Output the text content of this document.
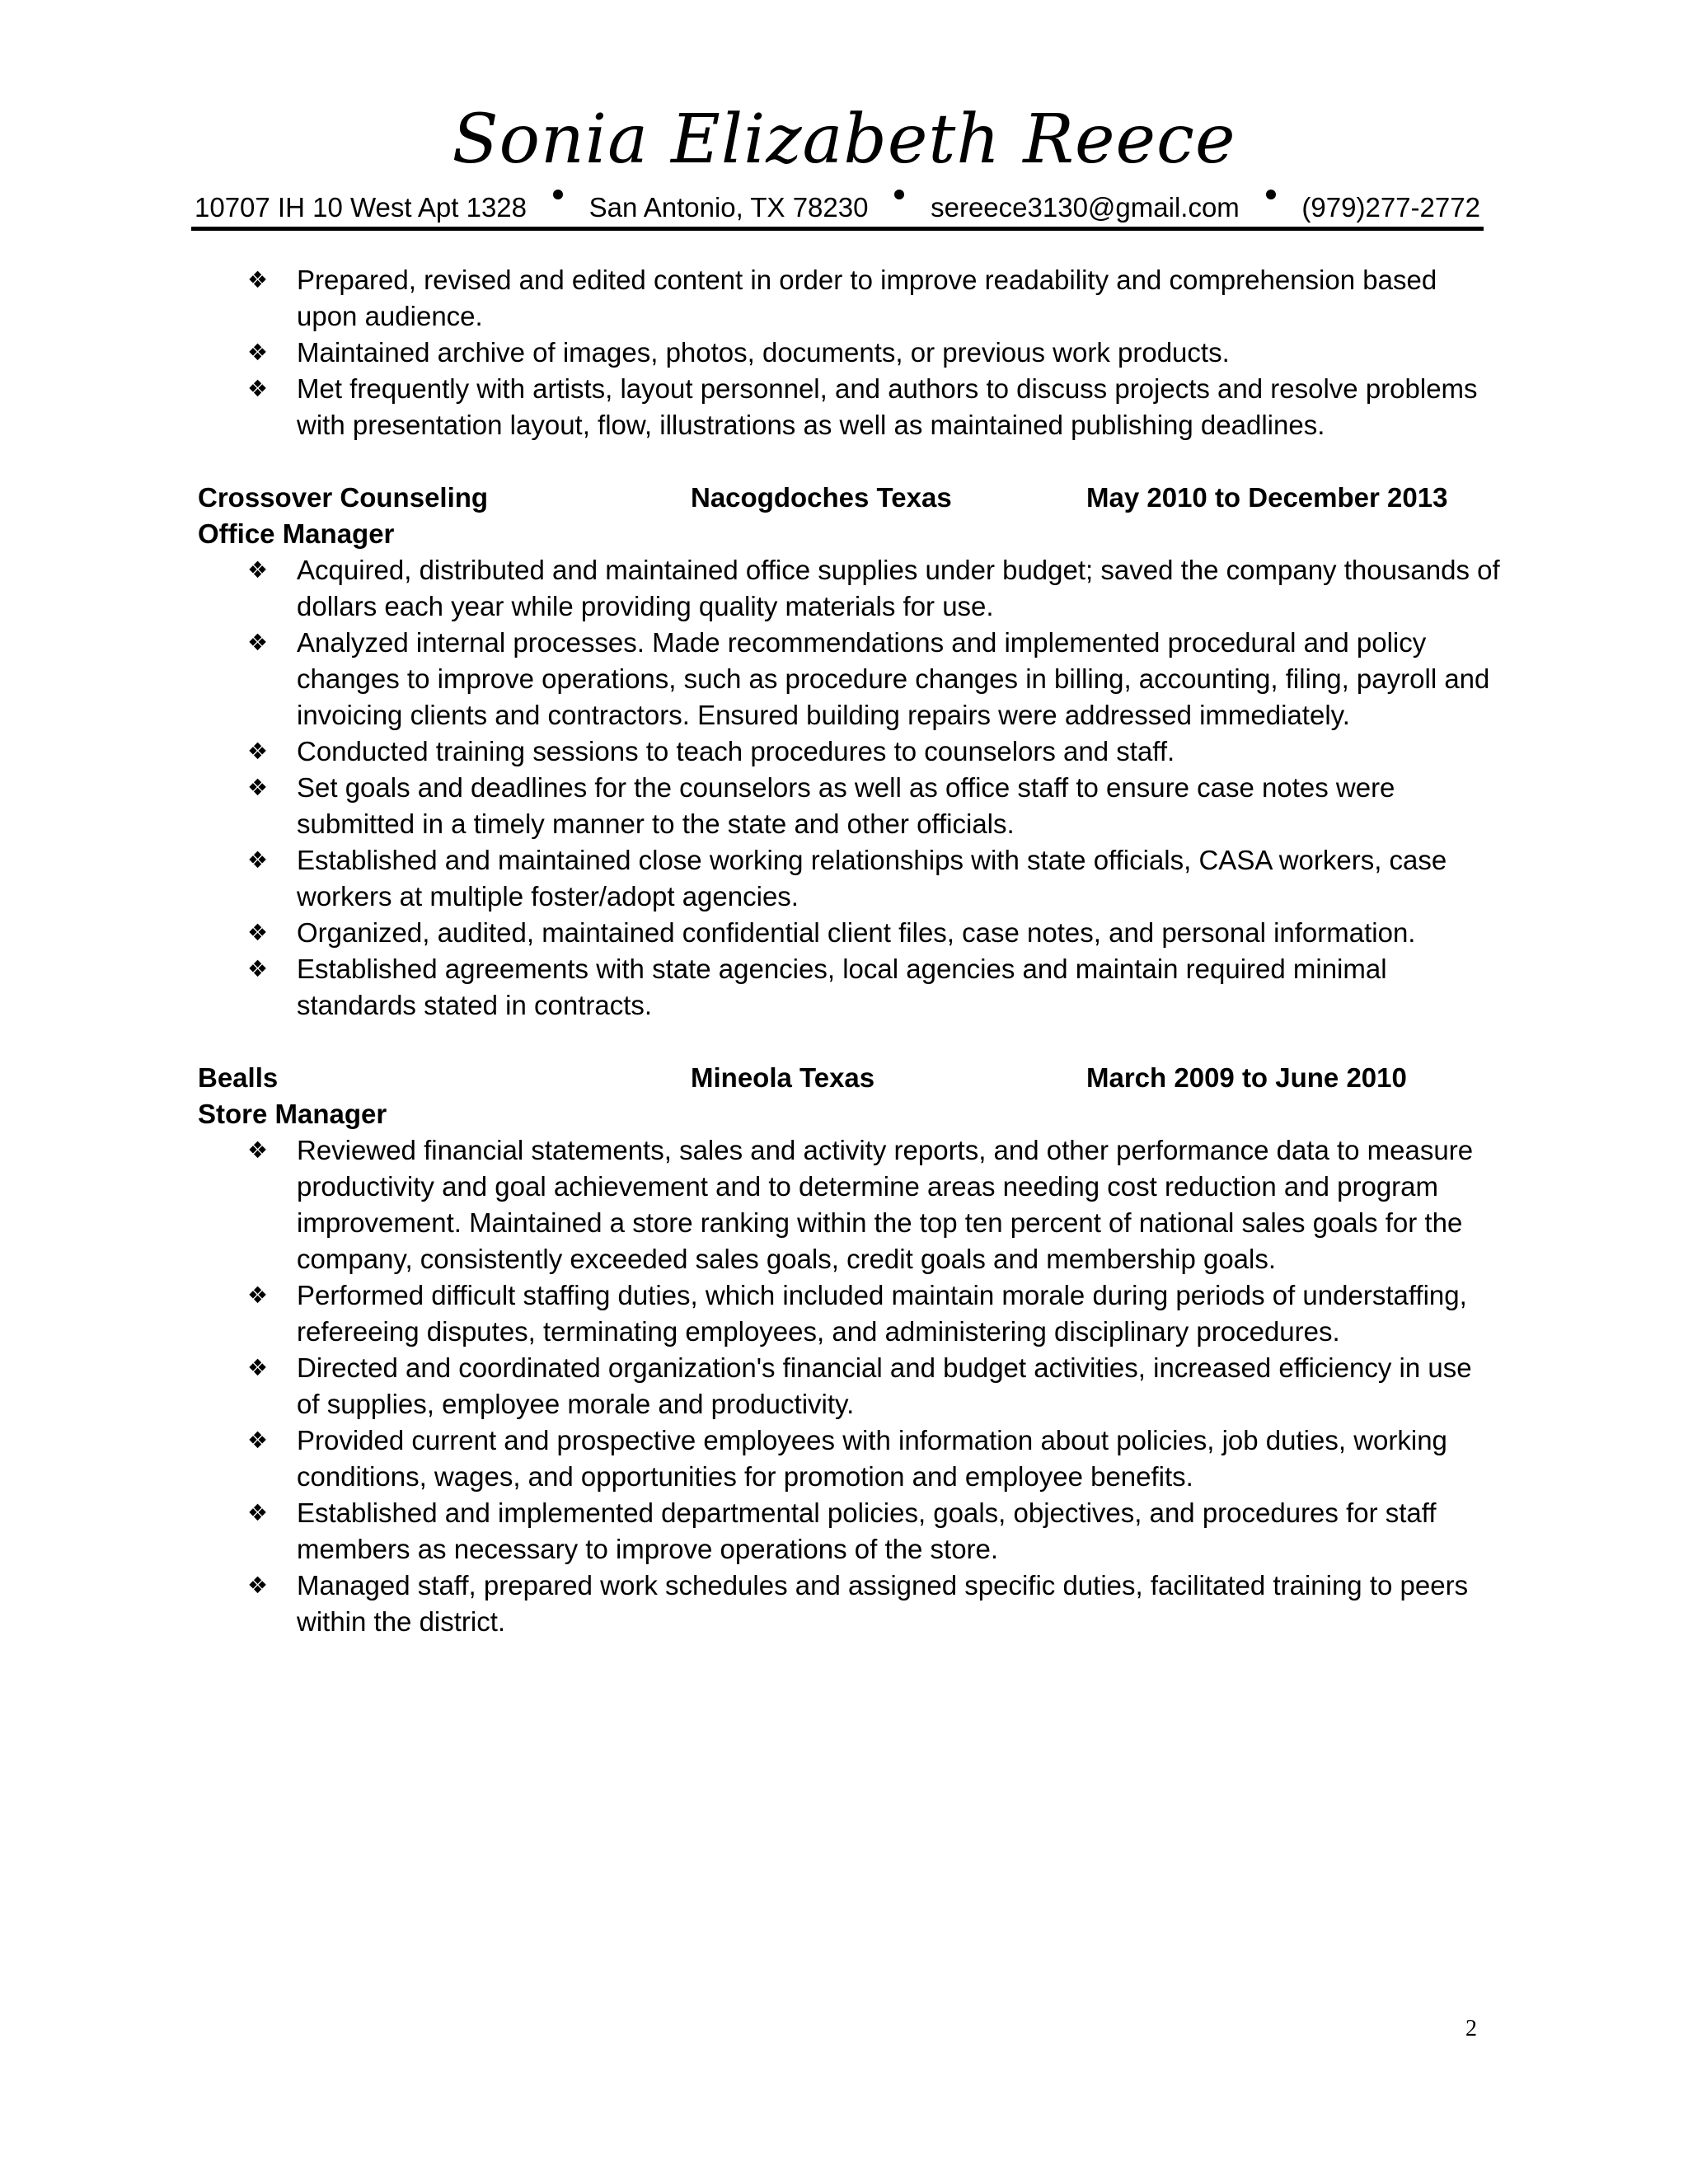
Sonia Elizabeth Reece
10707 IH 10 West Apt 1328 San Antonio, TX 78230 sereece3130@gmail.com (979)277-2772
❖	Prepared, revised and edited content in order to improve readability and comprehension based upon audience.
❖	Maintained archive of images, photos, documents, or previous work products.
❖	Met frequently with artists, layout personnel, and authors to discuss projects and resolve problems with presentation layout, flow, illustrations as well as maintained publishing deadlines.
Crossover Counseling	Nacogdoches Texas	May 2010 to December 2013
Office Manager
❖	Acquired, distributed and maintained office supplies under budget; saved the company thousands of dollars each year while providing quality materials for use.
❖	Analyzed internal processes. Made recommendations and implemented procedural and policy changes to improve operations, such as procedure changes in billing, accounting, filing, payroll and invoicing clients and contractors. Ensured building repairs were addressed immediately.
❖	Conducted training sessions to teach procedures to counselors and staff.
❖	Set goals and deadlines for the counselors as well as office staff to ensure case notes were submitted in a timely manner to the state and other officials.
❖	Established and maintained close working relationships with state officials, CASA workers, case workers at multiple foster/adopt agencies.
❖	Organized, audited, maintained confidential client files, case notes, and personal information.
❖	Established agreements with state agencies, local agencies and maintain required minimal standards stated in contracts.
Bealls	Mineola Texas	March 2009 to June 2010
Store Manager
❖	Reviewed financial statements, sales and activity reports, and other performance data to measure productivity and goal achievement and to determine areas needing cost reduction and program improvement. Maintained a store ranking within the top ten percent of national sales goals for the company, consistently exceeded sales goals, credit goals and membership goals.
❖	Performed difficult staffing duties, which included maintain morale during periods of understaffing, refereeing disputes, terminating employees, and administering disciplinary procedures.
❖	Directed and coordinated organization's financial and budget activities, increased efficiency in use of supplies, employee morale and productivity.
❖	Provided current and prospective employees with information about policies, job duties, working conditions, wages, and opportunities for promotion and employee benefits.
❖	Established and implemented departmental policies, goals, objectives, and procedures for staff members as necessary to improve operations of the store.
❖	Managed staff, prepared work schedules and assigned specific duties, facilitated training to peers within the district.
2
